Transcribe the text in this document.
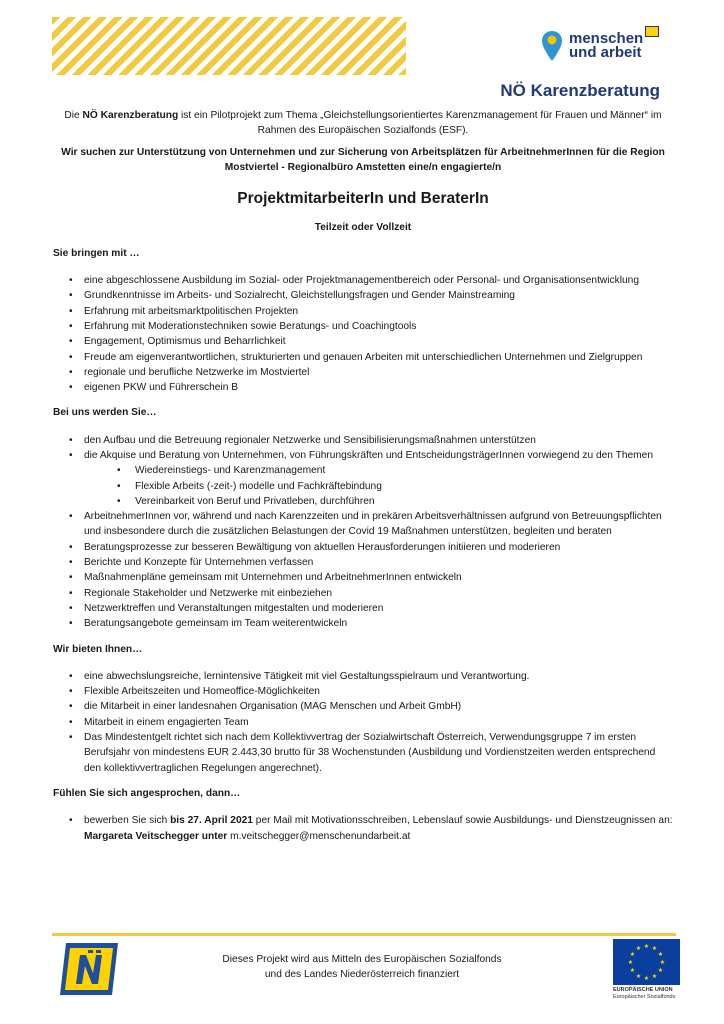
menschen
und arbeit
NÖ Karenzberatung

Die NÖ Karenzberatung ist ein Pilotprojekt zum Thema „Gleichstellungsorientiertes Karenzmanagement für Frauen und Männer“ im Rahmen des Europäischen Sozialfonds (ESF).

Wir suchen zur Unterstützung von Unternehmen und zur Sicherung von Arbeitsplätzen für ArbeitnehmerInnen für die Region Mostviertel - Regionalbüro Amstetten eine/n engagierte/n

ProjektmitarbeiterIn und BeraterIn
Teilzeit oder Vollzeit
Sie bringen mit …
• eine abgeschlossene Ausbildung im Sozial- oder Projektmanagementbereich oder Personal- und Organisationsentwicklung
• Grundkenntnisse im Arbeits- und Sozialrecht, Gleichstellungsfragen und Gender Mainstreaming
• Erfahrung mit arbeitsmarktpolitischen Projekten
• Erfahrung mit Moderationstechniken sowie Beratungs- und Coachingtools
• Engagement, Optimismus und Beharrlichkeit
• Freude am eigenverantwortlichen, strukturierten und genauen Arbeiten mit unterschiedlichen Unternehmen und Zielgruppen
• regionale und berufliche Netzwerke im Mostviertel
• eigenen PKW und Führerschein B
Bei uns werden Sie…
• den Aufbau und die Betreuung regionaler Netzwerke und Sensibilisierungsmaßnahmen unterstützen
• die Akquise und Beratung von Unternehmen, von Führungskräften und EntscheidungsträgerInnen vorwiegend zu den Themen
• Wiedereinstiegs- und Karenzmanagement
• Flexible Arbeits (-zeit-) modelle und Fachkräftebindung
• Vereinbarkeit von Beruf und Privatleben, durchführen
• ArbeitnehmerInnen vor, während und nach Karenzzeiten und in prekären Arbeitsverhältnissen aufgrund von Betreuungspflichten und insbesondere durch die zusätzlichen Belastungen der Covid 19 Maßnahmen unterstützen, begleiten und beraten
• Beratungsprozesse zur besseren Bewältigung von aktuellen Herausforderungen initiieren und moderieren
• Berichte und Konzepte für Unternehmen verfassen
• Maßnahmenpläne gemeinsam mit Unternehmen und ArbeitnehmerInnen entwickeln
• Regionale Stakeholder und Netzwerke mit einbeziehen
• Netzwerktreffen und Veranstaltungen mitgestalten und moderieren
• Beratungsangebote gemeinsam im Team weiterentwickeln
Wir bieten Ihnen…
• eine abwechslungsreiche, lernintensive Tätigkeit mit viel Gestaltungsspielraum und Verantwortung.
• Flexible Arbeitszeiten und Homeoffice-Möglichkeiten
• die Mitarbeit in einer landesnahen Organisation (MAG Menschen und Arbeit GmbH)
• Mitarbeit in einem engagierten Team
• Das Mindestentgelt richtet sich nach dem Kollektivvertrag der Sozialwirtschaft Österreich, Verwendungsgruppe 7 im ersten Berufsjahr von mindestens EUR 2.443,30 brutto für 38 Wochenstunden (Ausbildung und Vordienstzeiten werden entsprechend den kollektivvertraglichen Regelungen angerechnet).
Fühlen Sie sich angesprochen, dann…
• bewerben Sie sich bis 27. April 2021 per Mail mit Motivationsschreiben, Lebenslauf sowie Ausbildungs- und Dienstzeugnissen an: Margareta Veitschegger unter m.veitschegger@menschenundarbeit.at
Dieses Projekt wird aus Mitteln des Europäischen Sozialfonds
und des Landes Niederösterreich finanziert
★ ★
★
★
★
★
★
★
★
★
★
★
EUROPÄISCHE UNION
Europäischer Sozialfonds
